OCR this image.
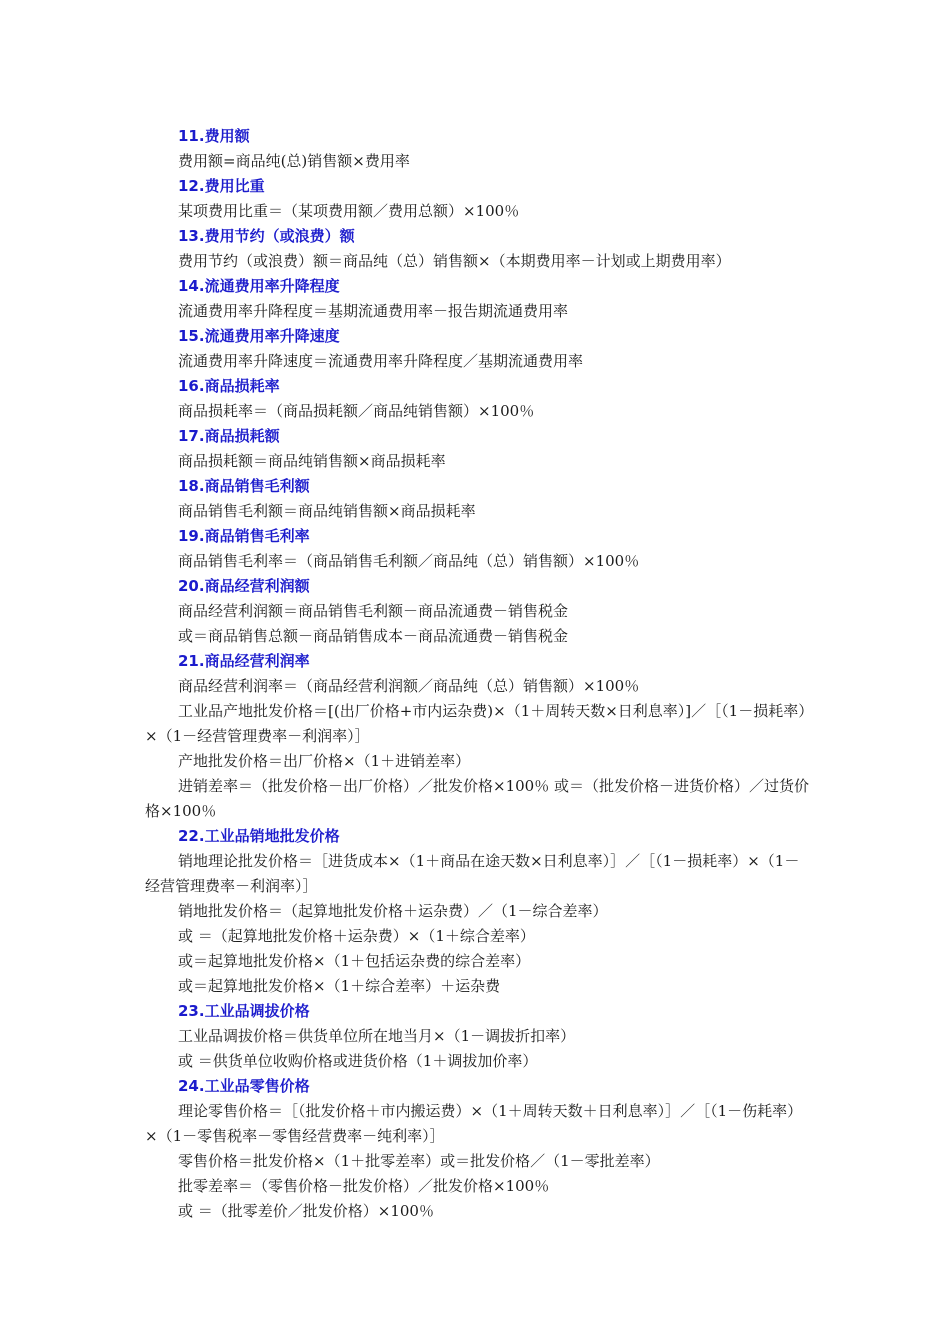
11.费用额
费用额=商品纯(总)销售额×费用率
12.费用比重
某项费用比重＝（某项费用额／费用总额）×100％
13.费用节约（或浪费）额
费用节约（或浪费）额＝商品纯（总）销售额×（本期费用率－计划或上期费用率）
14.流通费用率升降程度
流通费用率升降程度＝基期流通费用率－报告期流通费用率
15.流通费用率升降速度
流通费用率升降速度＝流通费用率升降程度／基期流通费用率
16.商品损耗率
商品损耗率＝（商品损耗额／商品纯销售额）×100％
17.商品损耗额
商品损耗额＝商品纯销售额×商品损耗率
18.商品销售毛利额
商品销售毛利额＝商品纯销售额×商品损耗率
19.商品销售毛利率
商品销售毛利率＝（商品销售毛利额／商品纯（总）销售额）×100％
20.商品经营利润额
商品经营利润额＝商品销售毛利额－商品流通费－销售税金
或＝商品销售总额－商品销售成本－商品流通费－销售税金
21.商品经营利润率
商品经营利润率＝（商品经营利润额／商品纯（总）销售额）×100％
工业品产地批发价格＝[(出厂价格+市内运杂费)×（1＋周转天数×日利息率）]／［（1－损耗率）×（1－经营管理费率－利润率）］
产地批发价格＝出厂价格×（1＋进销差率）
进销差率＝（批发价格－出厂价格）／批发价格×100％ 或＝（批发价格－进货价格）／过货价格×100％
22.工业品销地批发价格
销地理论批发价格＝［进货成本×（1＋商品在途天数×日利息率）］／［（1－损耗率）×（1－经营管理费率－利润率）］
销地批发价格＝（起算地批发价格＋运杂费）／（1－综合差率）
或 ＝（起算地批发价格＋运杂费）×（1＋综合差率）
或＝起算地批发价格×（1＋包括运杂费的综合差率）
或＝起算地批发价格×（1＋综合差率）＋运杂费
23.工业品调拔价格
工业品调拔价格＝供货单位所在地当月×（1－调拔折扣率）
或 ＝供货单位收购价格或进货价格（1＋调拔加价率）
24.工业品零售价格
理论零售价格＝［（批发价格＋市内搬运费）×（1＋周转天数＋日利息率）］／［（1－伤耗率）×（1－零售税率－零售经营费率－纯利率）］
零售价格＝批发价格×（1＋批零差率）或＝批发价格／（1－零批差率）
批零差率＝（零售价格－批发价格）／批发价格×100％
或 ＝（批零差价／批发价格）×100％
